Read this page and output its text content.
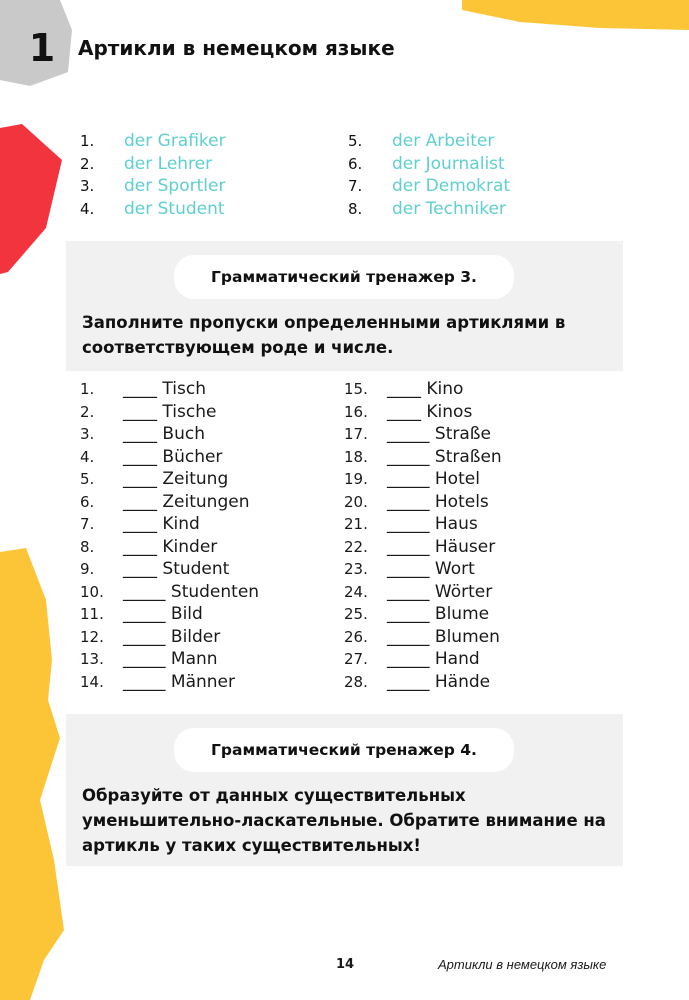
1	Артикли в немецком языке
1. der Grafiker
2. der Lehrer
3. der Sportler
4. der Student
5. der Arbeiter
6. der Journalist
7. der Demokrat
8. der Techniker
Грамматический тренажер 3.
Заполните пропуски определенными артиклями в соответствующем роде и числе.
1. ____ Tisch
2. ____ Tische
3. ____ Buch
4. ____ Bücher
5. ____ Zeitung
6. ____ Zeitungen
7. ____ Kind
8. ____ Kinder
9. ____ Student
10. _____ Studenten
11. _____ Bild
12. _____ Bilder
13. _____ Mann
14. _____ Männer
15. ____ Kino
16. ____ Kinos
17. _____ Straße
18. _____ Straßen
19. _____ Hotel
20. _____ Hotels
21. _____ Haus
22. _____ Häuser
23. _____ Wort
24. _____ Wörter
25. _____ Blume
26. _____ Blumen
27. _____ Hand
28. _____ Hände
Грамматический тренажер 4.
Образуйте от данных существительных уменьшительно-ласкательные. Обратите внимание на артикль у таких существительных!
14	Артикли в немецком языке
